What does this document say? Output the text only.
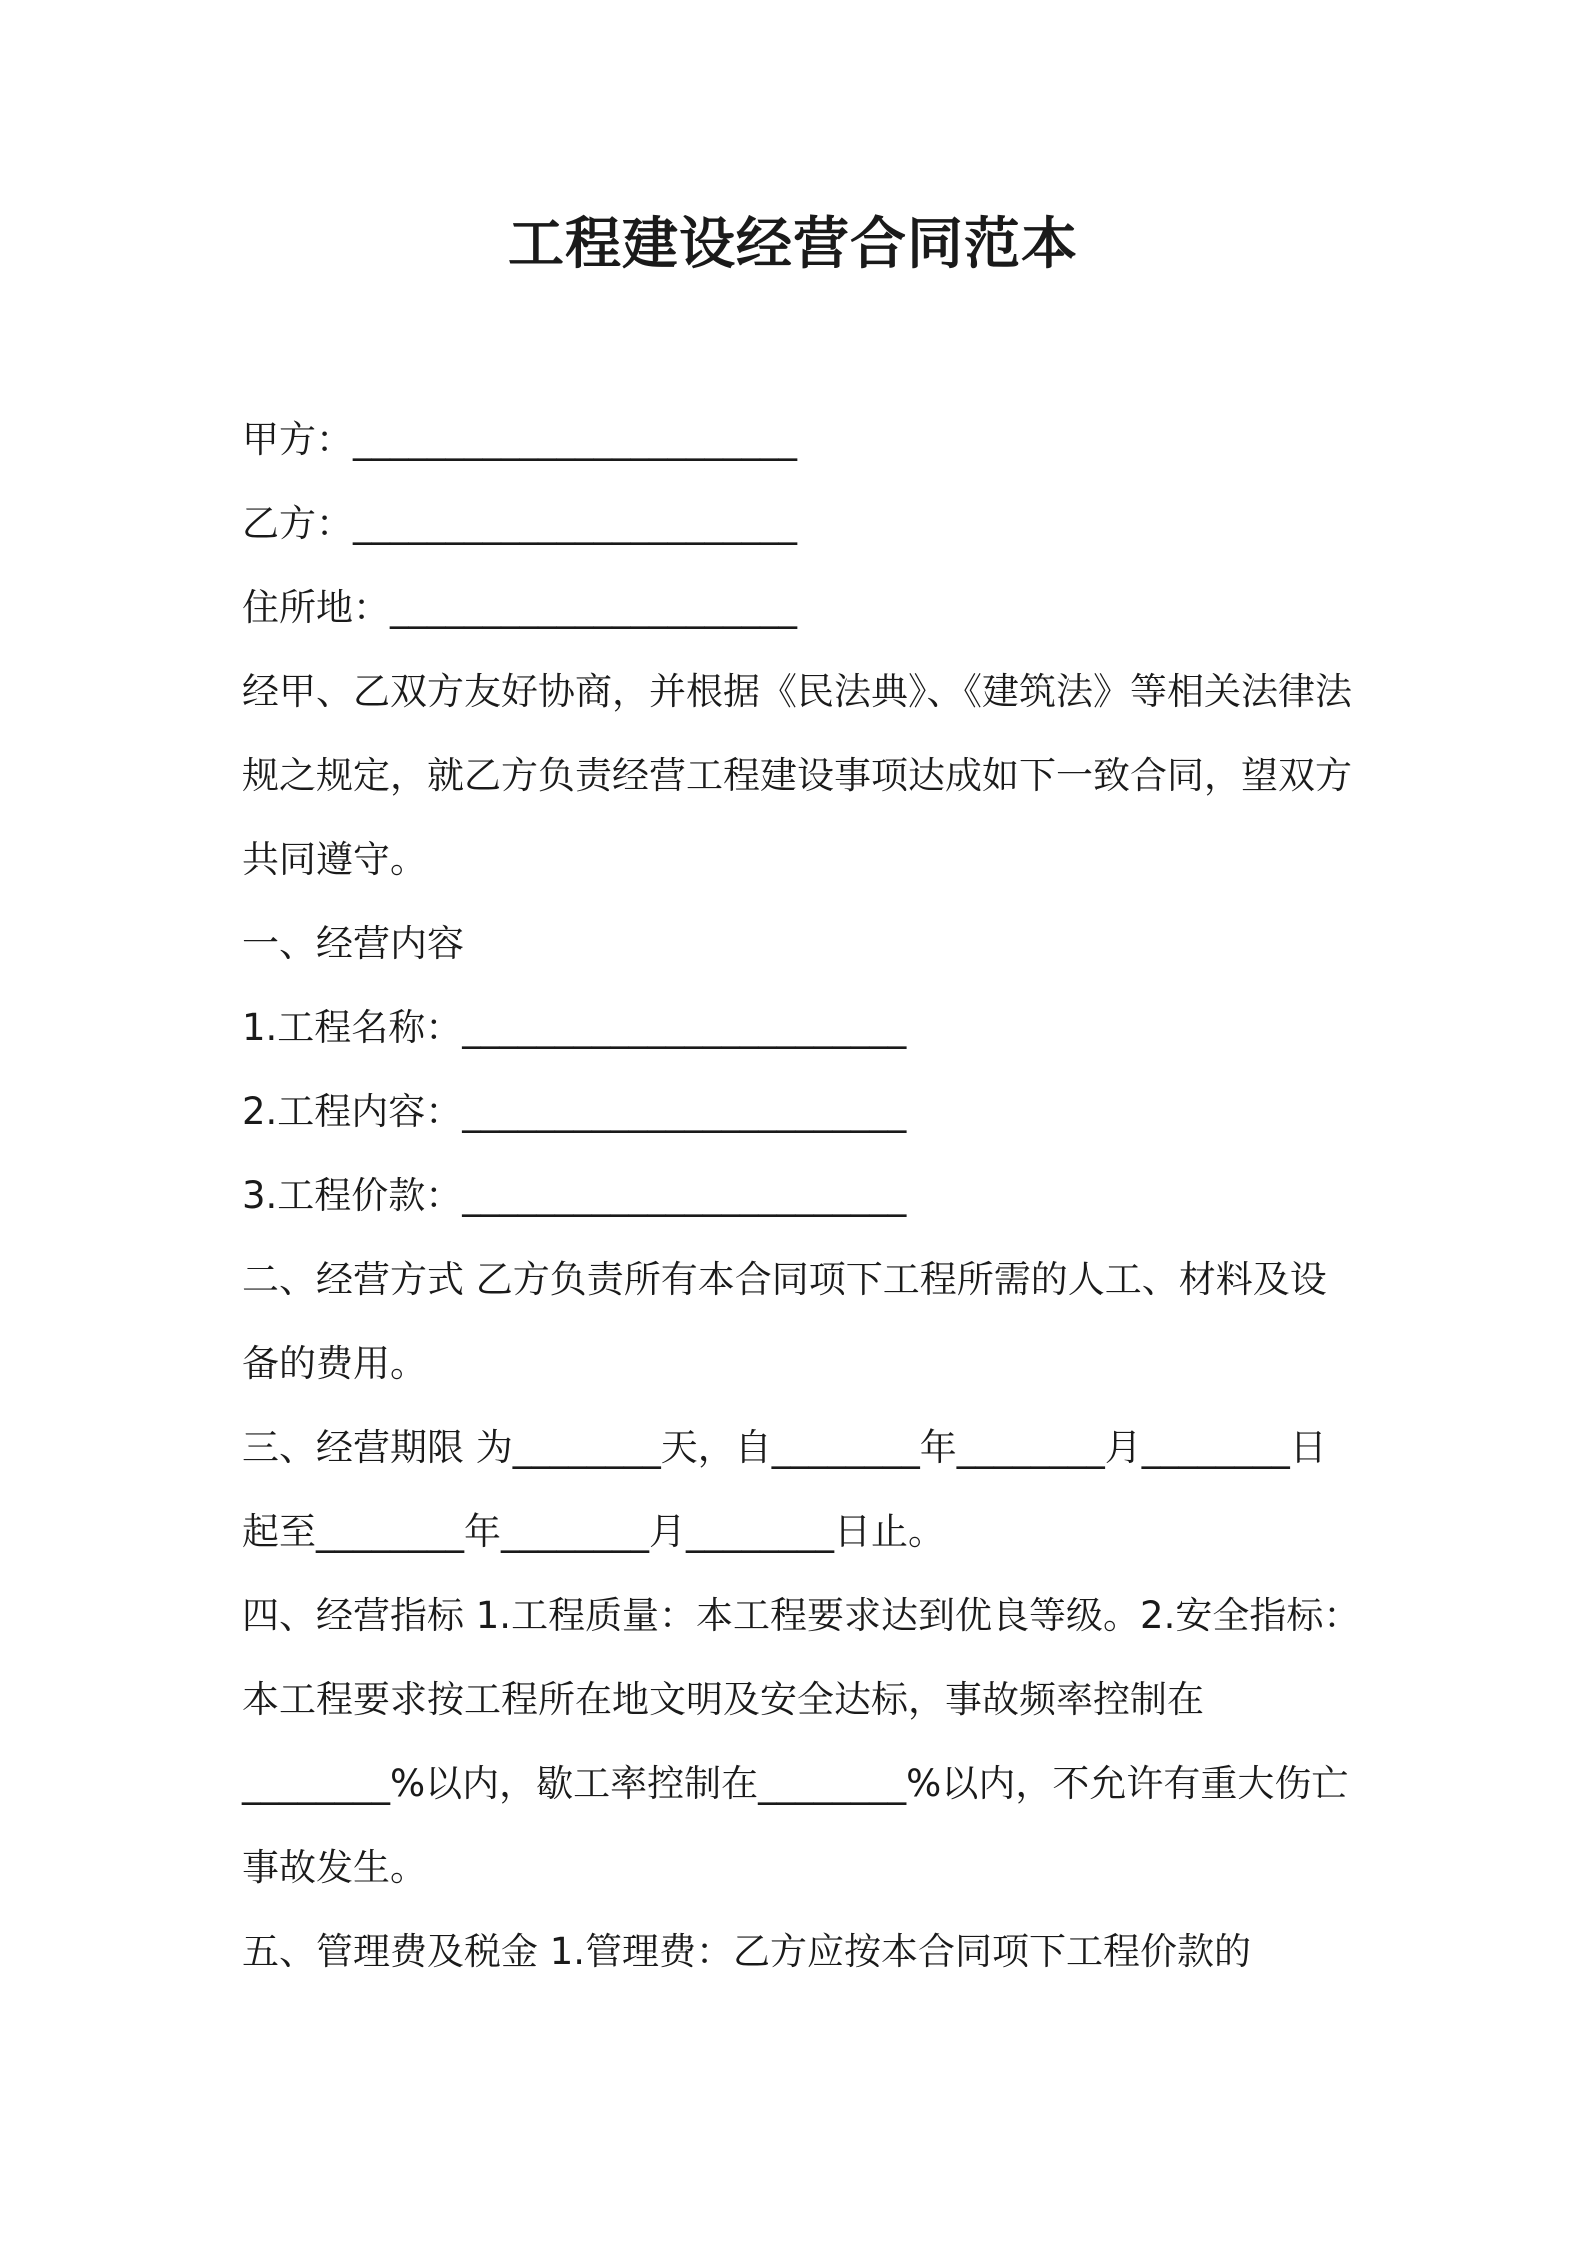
工程建设经营合同范本
甲方：________________________
乙方：________________________
住所地：______________________
经甲、乙双方友好协商，并根据《民法典》、《建筑法》等相关法律法
规之规定，就乙方负责经营工程建设事项达成如下一致合同，望双方
共同遵守。
一、经营内容
1.工程名称：________________________
2.工程内容：________________________
3.工程价款：________________________
二、经营方式 乙方负责所有本合同项下工程所需的人工、材料及设
备的费用。
三、经营期限 为________天，自________年________月________日
起至________年________月________日止。
四、经营指标 1.工程质量：本工程要求达到优良等级。2.安全指标：
本工程要求按工程所在地文明及安全达标，事故频率控制在
________%以内，歇工率控制在________%以内，不允许有重大伤亡
事故发生。
五、管理费及税金 1.管理费：乙方应按本合同项下工程价款的
